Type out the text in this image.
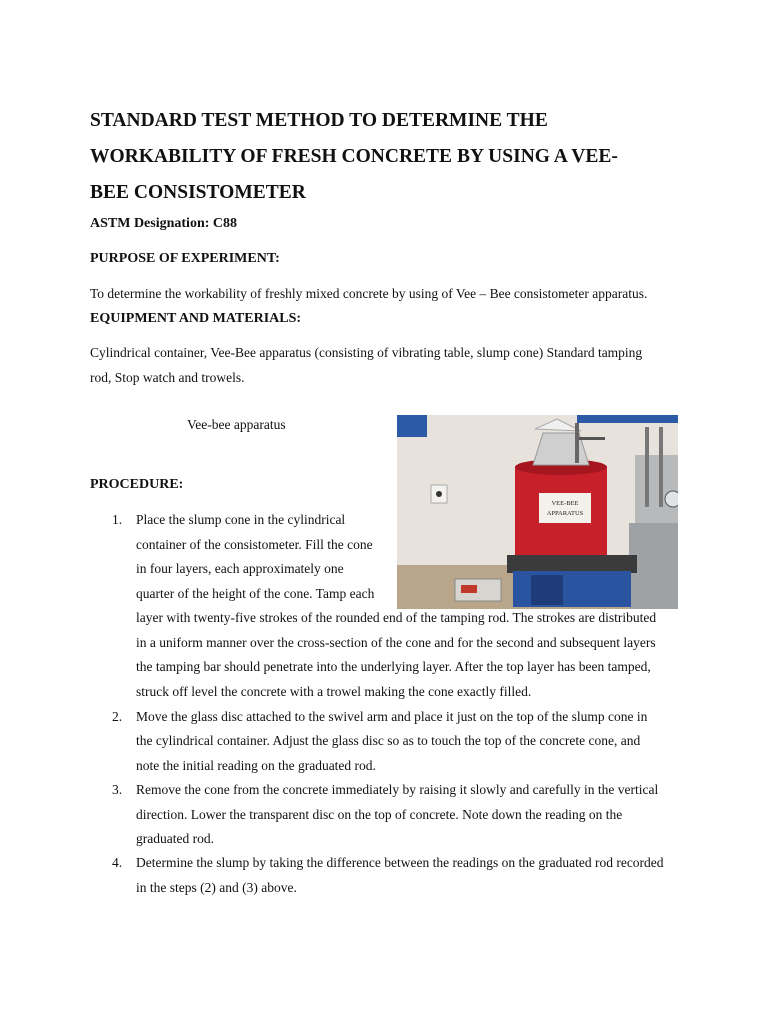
STANDARD TEST METHOD TO DETERMINE THE
WORKABILITY OF FRESH CONCRETE BY USING A VEE-
BEE CONSISTOMETER

ASTM Designation: C88

PURPOSE OF EXPERIMENT:

To determine the workability of freshly mixed concrete by using of Vee – Bee consistometer apparatus.

EQUIPMENT AND MATERIALS:

Cylindrical container, Vee-Bee apparatus (consisting of vibrating table, slump cone) Standard tamping
rod, Stop watch and trowels.

Vee-bee apparatus
VEE-BEE
APPARATUS

PROCEDURE:

1. Place the slump cone in the cylindrical
container of the consistometer. Fill the cone
in four layers, each approximately one
quarter of the height of the cone. Tamp each
layer with twenty-five strokes of the rounded end of the tamping rod. The strokes are distributed
in a uniform manner over the cross-section of the cone and for the second and subsequent layers
the tamping bar should penetrate into the underlying layer. After the top layer has been tamped,
struck off level the concrete with a trowel making the cone exactly filled.
2. Move the glass disc attached to the swivel arm and place it just on the top of the slump cone in
the cylindrical container. Adjust the glass disc so as to touch the top of the concrete cone, and
note the initial reading on the graduated rod.
3. Remove the cone from the concrete immediately by raising it slowly and carefully in the vertical
direction. Lower the transparent disc on the top of concrete. Note down the reading on the
graduated rod.
4. Determine the slump by taking the difference between the readings on the graduated rod recorded
in the steps (2) and (3) above.
